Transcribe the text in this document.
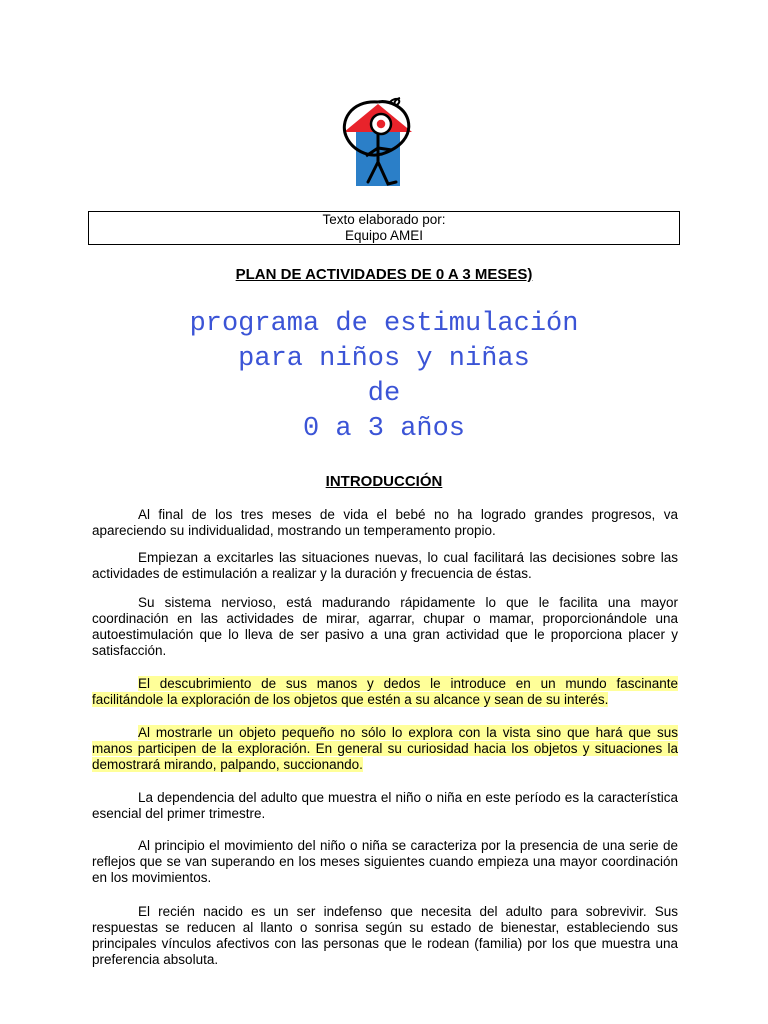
Texto elaborado por:
Equipo AMEI
PLAN DE ACTIVIDADES DE 0 A 3 MESES)
programa de estimulación
para niños y niñas
de
0 a 3 años
INTRODUCCIÓN

Al final de los tres meses de vida el bebé no ha logrado grandes progresos, va apareciendo su individualidad, mostrando un temperamento propio.

Empiezan a excitarles las situaciones nuevas, lo cual facilitará las decisiones sobre las actividades de estimulación a realizar y la duración y frecuencia de éstas.

Su sistema nervioso, está madurando rápidamente lo que le facilita una mayor coordinación en las actividades de mirar, agarrar, chupar o mamar, proporcionándole una autoestimulación que lo lleva de ser pasivo a una gran actividad que le proporciona placer y satisfacción.

El descubrimiento de sus manos y dedos le introduce en un mundo fascinante facilitándole la exploración de los objetos que estén a su alcance y sean de su interés.

Al mostrarle un objeto pequeño no sólo lo explora con la vista sino que hará que sus manos participen de la exploración. En general su curiosidad hacia los objetos y situaciones la demostrará mirando, palpando, succionando.

La dependencia del adulto que muestra el niño o niña en este período es la característica esencial del primer trimestre.

Al principio el movimiento del niño o niña se caracteriza por la presencia de una serie de reflejos que se van superando en los meses siguientes cuando empieza una mayor coordinación en los movimientos.

El recién nacido es un ser indefenso que necesita del adulto para sobrevivir. Sus respuestas se reducen al llanto o sonrisa según su estado de bienestar, estableciendo sus principales vínculos afectivos con las personas que le rodean (familia) por los que muestra una preferencia absoluta.
